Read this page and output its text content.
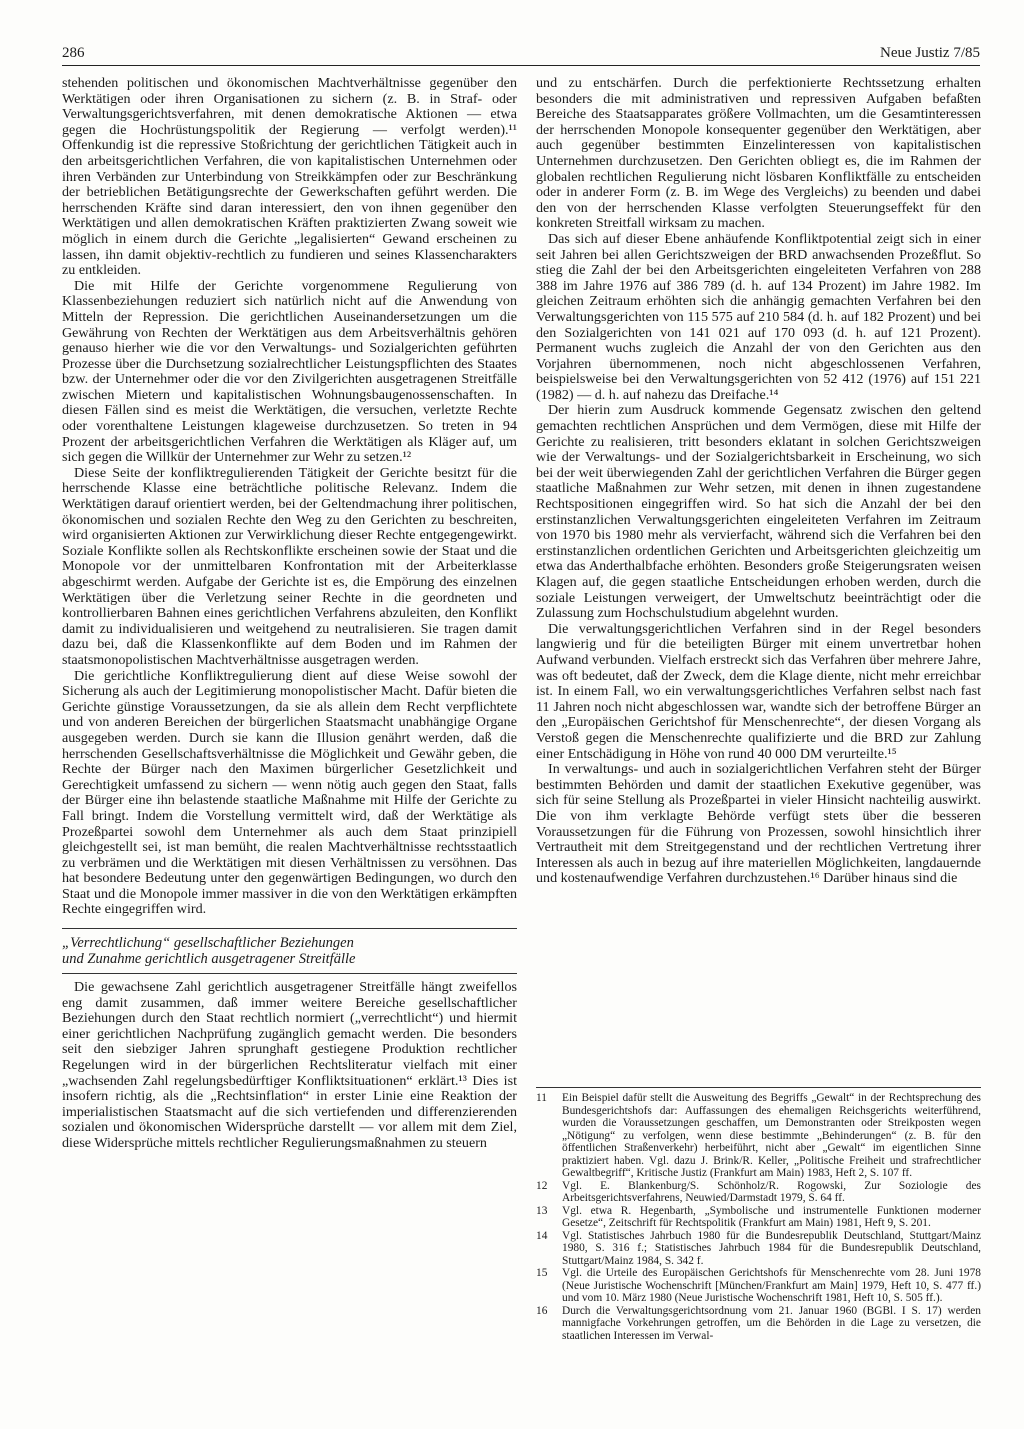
286	Neue Justiz 7/85

stehenden politischen und ökonomischen Machtverhältnisse gegenüber den Werktätigen oder ihren Organisationen zu sichern (z. B. in Straf- oder Verwaltungsgerichtsverfahren, mit denen demokratische Aktionen — etwa gegen die Hochrüstungspolitik der Regierung — verfolgt werden).¹¹ Offenkundig ist die repressive Stoßrichtung der gerichtlichen Tätigkeit auch in den arbeitsgerichtlichen Verfahren, die von kapitalistischen Unternehmen oder ihren Verbänden zur Unterbindung von Streikkämpfen oder zur Beschränkung der betrieblichen Betätigungsrechte der Gewerkschaften geführt werden. Die herrschenden Kräfte sind daran interessiert, den von ihnen gegenüber den Werktätigen und allen demokratischen Kräften praktizierten Zwang soweit wie möglich in einem durch die Gerichte „legalisierten“ Gewand erscheinen zu lassen, ihn damit objektiv-rechtlich zu fundieren und seines Klassencharakters zu entkleiden.

Die mit Hilfe der Gerichte vorgenommene Regulierung von Klassenbeziehungen reduziert sich natürlich nicht auf die Anwendung von Mitteln der Repression. Die gerichtlichen Auseinandersetzungen um die Gewährung von Rechten der Werktätigen aus dem Arbeitsverhältnis gehören genauso hierher wie die vor den Verwaltungs- und Sozialgerichten geführten Prozesse über die Durchsetzung sozialrechtlicher Leistungspflichten des Staates bzw. der Unternehmer oder die vor den Zivilgerichten ausgetragenen Streitfälle zwischen Mietern und kapitalistischen Wohnungsbaugenossenschaften. In diesen Fällen sind es meist die Werktätigen, die versuchen, verletzte Rechte oder vorenthaltene Leistungen klageweise durchzusetzen. So treten in 94 Prozent der arbeitsgerichtlichen Verfahren die Werktätigen als Kläger auf, um sich gegen die Willkür der Unternehmer zur Wehr zu setzen.¹²

Diese Seite der konfliktregulierenden Tätigkeit der Gerichte besitzt für die herrschende Klasse eine beträchtliche politische Relevanz. Indem die Werktätigen darauf orientiert werden, bei der Geltendmachung ihrer politischen, ökonomischen und sozialen Rechte den Weg zu den Gerichten zu beschreiten, wird organisierten Aktionen zur Verwirklichung dieser Rechte entgegengewirkt. Soziale Konflikte sollen als Rechtskonflikte erscheinen sowie der Staat und die Monopole vor der unmittelbaren Konfrontation mit der Arbeiterklasse abgeschirmt werden. Aufgabe der Gerichte ist es, die Empörung des einzelnen Werktätigen über die Verletzung seiner Rechte in die geordneten und kontrollierbaren Bahnen eines gerichtlichen Verfahrens abzuleiten, den Konflikt damit zu individualisieren und weitgehend zu neutralisieren. Sie tragen damit dazu bei, daß die Klassenkonflikte auf dem Boden und im Rahmen der staatsmonopolistischen Machtverhältnisse ausgetragen werden.

Die gerichtliche Konfliktregulierung dient auf diese Weise sowohl der Sicherung als auch der Legitimierung monopolistischer Macht. Dafür bieten die Gerichte günstige Voraussetzungen, da sie als allein dem Recht verpflichtete und von anderen Bereichen der bürgerlichen Staatsmacht unabhängige Organe ausgegeben werden. Durch sie kann die Illusion genährt werden, daß die herrschenden Gesellschaftsverhältnisse die Möglichkeit und Gewähr geben, die Rechte der Bürger nach den Maximen bürgerlicher Gesetzlichkeit und Gerechtigkeit umfassend zu sichern — wenn nötig auch gegen den Staat, falls der Bürger eine ihn belastende staatliche Maßnahme mit Hilfe der Gerichte zu Fall bringt. Indem die Vorstellung vermittelt wird, daß der Werktätige als Prozeßpartei sowohl dem Unternehmer als auch dem Staat prinzipiell gleichgestellt sei, ist man bemüht, die realen Machtverhältnisse rechtsstaatlich zu verbrämen und die Werktätigen mit diesen Verhältnissen zu versöhnen. Das hat besondere Bedeutung unter den gegenwärtigen Bedingungen, wo durch den Staat und die Monopole immer massiver in die von den Werktätigen erkämpften Rechte eingegriffen wird.

„Verrechtlichung“ gesellschaftlicher Beziehungen
und Zunahme gerichtlich ausgetragener Streitfälle

Die gewachsene Zahl gerichtlich ausgetragener Streitfälle hängt zweifellos eng damit zusammen, daß immer weitere Bereiche gesellschaftlicher Beziehungen durch den Staat rechtlich normiert („verrechtlicht“) und hiermit einer gerichtlichen Nachprüfung zugänglich gemacht werden. Die besonders seit den siebziger Jahren sprunghaft gestiegene Produktion rechtlicher Regelungen wird in der bürgerlichen Rechtsliteratur vielfach mit einer „wachsenden Zahl regelungsbedürftiger Konfliktsituationen“ erklärt.¹³ Dies ist insofern richtig, als die „Rechtsinflation“ in erster Linie eine Reaktion der imperialistischen Staatsmacht auf die sich vertiefenden und differenzierenden sozialen und ökonomischen Widersprüche darstellt — vor allem mit dem Ziel, diese Widersprüche mittels rechtlicher Regulierungsmaßnahmen zu steuern

und zu entschärfen. Durch die perfektionierte Rechtssetzung erhalten besonders die mit administrativen und repressiven Aufgaben befaßten Bereiche des Staatsapparates größere Vollmachten, um die Gesamtinteressen der herrschenden Monopole konsequenter gegenüber den Werktätigen, aber auch gegenüber bestimmten Einzelinteressen von kapitalistischen Unternehmen durchzusetzen. Den Gerichten obliegt es, die im Rahmen der globalen rechtlichen Regulierung nicht lösbaren Konfliktfälle zu entscheiden oder in anderer Form (z. B. im Wege des Vergleichs) zu beenden und dabei den von der herrschenden Klasse verfolgten Steuerungseffekt für den konkreten Streitfall wirksam zu machen.

Das sich auf dieser Ebene anhäufende Konfliktpotential zeigt sich in einer seit Jahren bei allen Gerichtszweigen der BRD anwachsenden Prozeßflut. So stieg die Zahl der bei den Arbeitsgerichten eingeleiteten Verfahren von 288 388 im Jahre 1976 auf 386 789 (d. h. auf 134 Prozent) im Jahre 1982. Im gleichen Zeitraum erhöhten sich die anhängig gemachten Verfahren bei den Verwaltungsgerichten von 115 575 auf 210 584 (d. h. auf 182 Prozent) und bei den Sozialgerichten von 141 021 auf 170 093 (d. h. auf 121 Prozent). Permanent wuchs zugleich die Anzahl der von den Gerichten aus den Vorjahren übernommenen, noch nicht abgeschlossenen Verfahren, beispielsweise bei den Verwaltungsgerichten von 52 412 (1976) auf 151 221 (1982) — d. h. auf nahezu das Dreifache.¹⁴

Der hierin zum Ausdruck kommende Gegensatz zwischen den geltend gemachten rechtlichen Ansprüchen und dem Vermögen, diese mit Hilfe der Gerichte zu realisieren, tritt besonders eklatant in solchen Gerichtszweigen wie der Verwaltungs- und der Sozialgerichtsbarkeit in Erscheinung, wo sich bei der weit überwiegenden Zahl der gerichtlichen Verfahren die Bürger gegen staatliche Maßnahmen zur Wehr setzen, mit denen in ihnen zugestandene Rechtspositionen eingegriffen wird. So hat sich die Anzahl der bei den erstinstanzlichen Verwaltungsgerichten eingeleiteten Verfahren im Zeitraum von 1970 bis 1980 mehr als vervierfacht, während sich die Verfahren bei den erstinstanzlichen ordentlichen Gerichten und Arbeitsgerichten gleichzeitig um etwa das Anderthalbfache erhöhten. Besonders große Steigerungsraten weisen Klagen auf, die gegen staatliche Entscheidungen erhoben werden, durch die soziale Leistungen verweigert, der Umweltschutz beeinträchtigt oder die Zulassung zum Hochschulstudium abgelehnt wurden.

Die verwaltungsgerichtlichen Verfahren sind in der Regel besonders langwierig und für die beteiligten Bürger mit einem unvertretbar hohen Aufwand verbunden. Vielfach erstreckt sich das Verfahren über mehrere Jahre, was oft bedeutet, daß der Zweck, dem die Klage diente, nicht mehr erreichbar ist. In einem Fall, wo ein verwaltungsgerichtliches Verfahren selbst nach fast 11 Jahren noch nicht abgeschlossen war, wandte sich der betroffene Bürger an den „Europäischen Gerichtshof für Menschenrechte“, der diesen Vorgang als Verstoß gegen die Menschenrechte qualifizierte und die BRD zur Zahlung einer Entschädigung in Höhe von rund 40 000 DM verurteilte.¹⁵

In verwaltungs- und auch in sozialgerichtlichen Verfahren steht der Bürger bestimmten Behörden und damit der staatlichen Exekutive gegenüber, was sich für seine Stellung als Prozeßpartei in vieler Hinsicht nachteilig auswirkt. Die von ihm verklagte Behörde verfügt stets über die besseren Voraussetzungen für die Führung von Prozessen, sowohl hinsichtlich ihrer Vertrautheit mit dem Streitgegenstand und der rechtlichen Vertretung ihrer Interessen als auch in bezug auf ihre materiellen Möglichkeiten, langdauernde und kostenaufwendige Verfahren durchzustehen.¹⁶ Darüber hinaus sind die

11	Ein Beispiel dafür stellt die Ausweitung des Begriffs „Gewalt“ in der Rechtsprechung des Bundesgerichtshofs dar: Auffassungen des ehemaligen Reichsgerichts weiterführend, wurden die Voraussetzungen geschaffen, um Demonstranten oder Streikposten wegen „Nötigung“ zu verfolgen, wenn diese bestimmte „Behinderungen“ (z. B. für den öffentlichen Straßenverkehr) herbeiführt, nicht aber „Gewalt“ im eigentlichen Sinne praktiziert haben. Vgl. dazu J. Brink/R. Keller, „Politische Freiheit und strafrechtlicher Gewaltbegriff“, Kritische Justiz (Frankfurt am Main) 1983, Heft 2, S. 107 ff.
12	Vgl. E. Blankenburg/S. Schönholz/R. Rogowski, Zur Soziologie des Arbeitsgerichtsverfahrens, Neuwied/Darmstadt 1979, S. 64 ff.
13	Vgl. etwa R. Hegenbarth, „Symbolische und instrumentelle Funktionen moderner Gesetze“, Zeitschrift für Rechtspolitik (Frankfurt am Main) 1981, Heft 9, S. 201.
14	Vgl. Statistisches Jahrbuch 1980 für die Bundesrepublik Deutschland, Stuttgart/Mainz 1980, S. 316 f.; Statistisches Jahrbuch 1984 für die Bundesrepublik Deutschland, Stuttgart/Mainz 1984, S. 342 f.
15	Vgl. die Urteile des Europäischen Gerichtshofs für Menschenrechte vom 28. Juni 1978 (Neue Juristische Wochenschrift [München/Frankfurt am Main] 1979, Heft 10, S. 477 ff.) und vom 10. März 1980 (Neue Juristische Wochenschrift 1981, Heft 10, S. 505 ff.).
16	Durch die Verwaltungsgerichtsordnung vom 21. Januar 1960 (BGBl. I S. 17) werden mannigfache Vorkehrungen getroffen, um die Behörden in die Lage zu versetzen, die staatlichen Interessen im Verwal-
